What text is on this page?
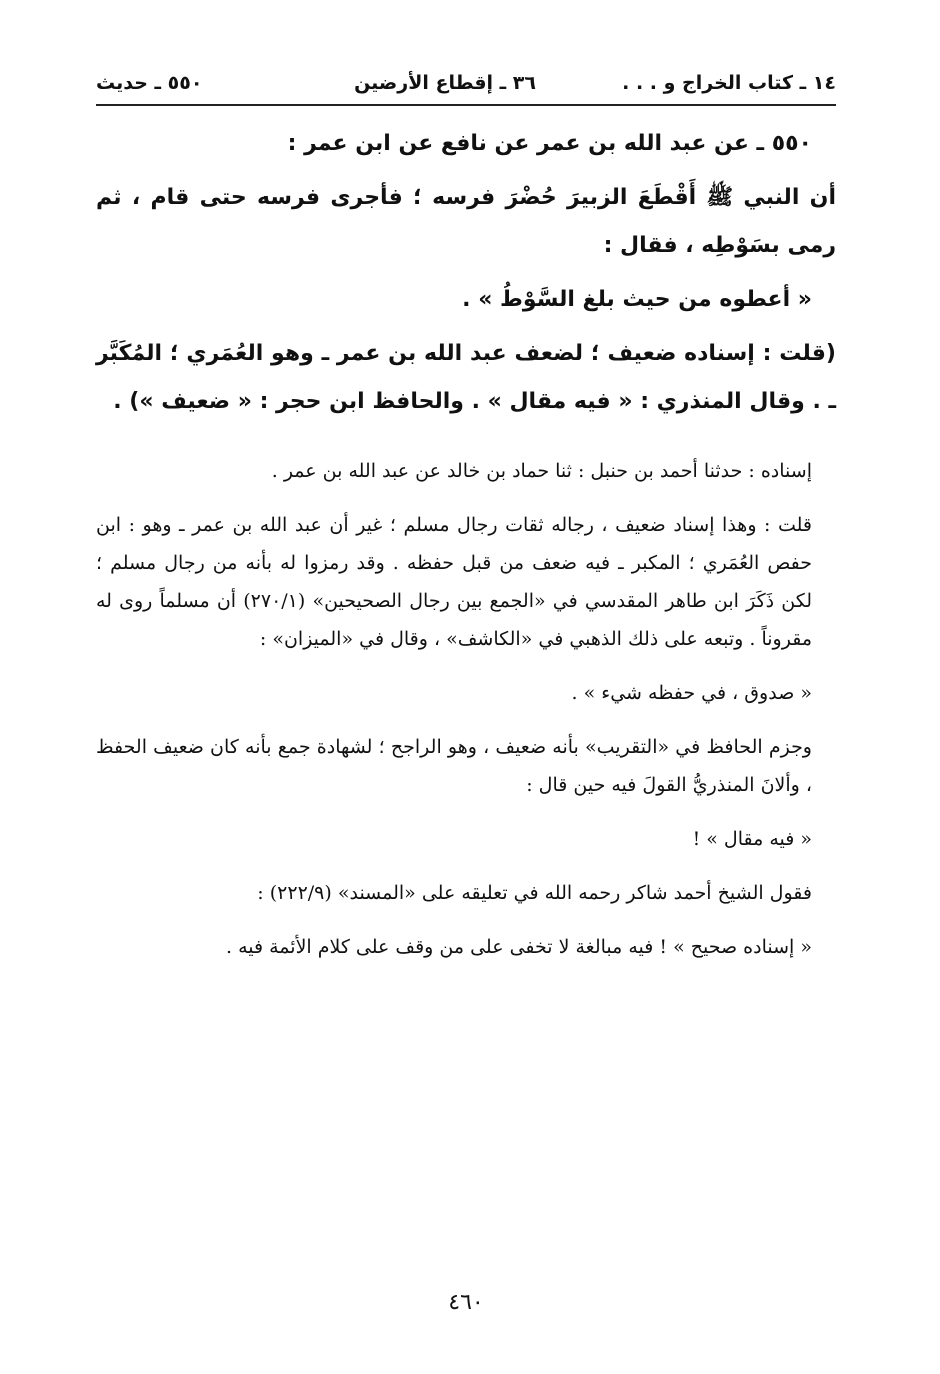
١٤ ـ كتاب الخراج و . . .
٣٦ ـ إقطاع الأرضين
٥٥٠ ـ حديث

٥٥٠ ـ عن عبد الله بن عمر عن نافع عن ابن عمر :

أن النبي ﷺ أَقْطَعَ الزبيرَ حُضْرَ فرسه ؛ فأجرى فرسه حتى قام ، ثم رمى بسَوْطِه ، فقال :

« أعطوه من حيث بلغ السَّوْطُ » .

(قلت : إسناده ضعيف ؛ لضعف عبد الله بن عمر ـ وهو العُمَري ؛ المُكَبَّر ـ . وقال المنذري : « فيه مقال » . والحافظ ابن حجر : « ضعيف ») .

إسناده : حدثنا أحمد بن حنبل : ثنا حماد بن خالد عن عبد الله بن عمر .

قلت : وهذا إسناد ضعيف ، رجاله ثقات رجال مسلم ؛ غير أن عبد الله بن عمر ـ وهو : ابن حفص العُمَري ؛ المكبر ـ فيه ضعف من قبل حفظه . وقد رمزوا له بأنه من رجال مسلم ؛ لكن ذَكَرَ ابن طاهر المقدسي في «الجمع بين رجال الصحيحين» (٢٧٠/١) أن مسلماً روى له مقروناً . وتبعه على ذلك الذهبي في «الكاشف» ، وقال في «الميزان» :

« صدوق ، في حفظه شيء » .

وجزم الحافظ في «التقريب» بأنه ضعيف ، وهو الراجح ؛ لشهادة جمع بأنه كان ضعيف الحفظ ، وألانَ المنذريُّ القولَ فيه حين قال :

« فيه مقال » !

فقول الشيخ أحمد شاكر رحمه الله في تعليقه على «المسند» (٢٢٢/٩) :

« إسناده صحيح » ! فيه مبالغة لا تخفى على من وقف على كلام الأئمة فيه .

٤٦٠
